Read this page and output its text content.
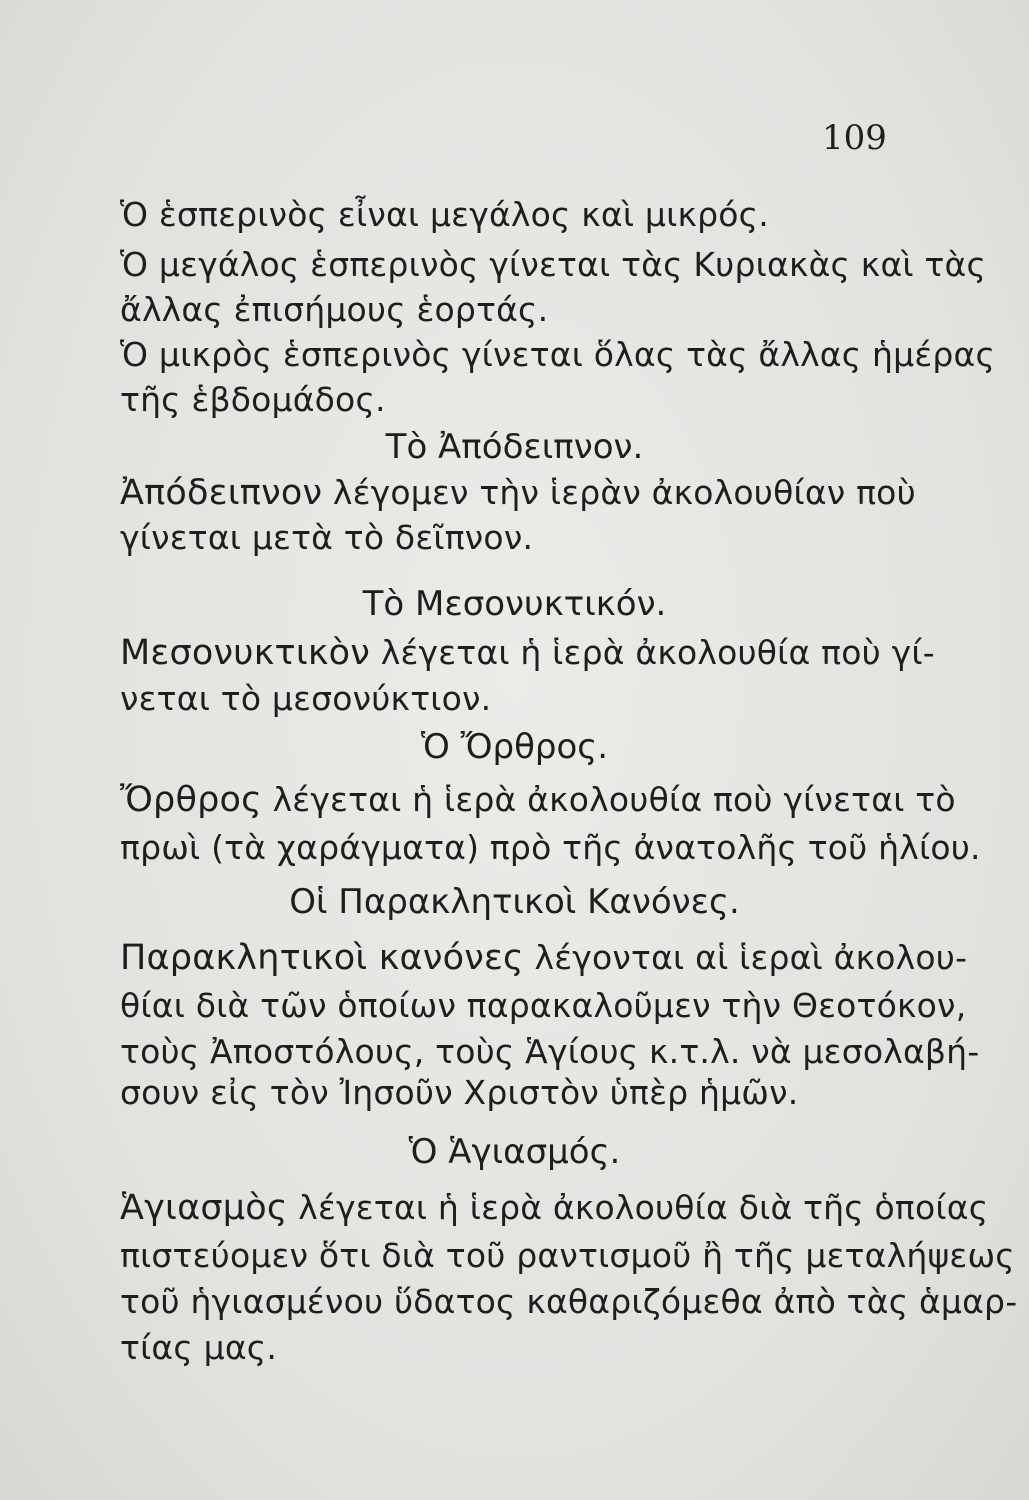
109
Ὁ ἑσπερινὸς εἶναι μεγάλος καὶ μικρός.
Ὁ μεγάλος ἑσπερινὸς γίνεται τὰς Κυριακὰς καὶ τὰς
ἄλλας ἐπισήμους ἑορτάς.
Ὁ μικρὸς ἑσπερινὸς γίνεται ὅλας τὰς ἄλλας ἡμέρας
τῆς ἑβδομάδος.
Τὸ Ἀπόδειπνον.
Ἀπόδειπνον λέγομεν τὴν ἱερὰν ἀκολουθίαν ποὺ
γίνεται μετὰ τὸ δεῖπνον.
Τὸ Μεσονυκτικόν.
Μεσονυκτικὸν λέγεται ἡ ἱερὰ ἀκολουθία ποὺ γί-
νεται τὸ μεσονύκτιον.
Ὁ Ὄρθρος.
Ὄρθρος λέγεται ἡ ἱερὰ ἀκολουθία ποὺ γίνεται τὸ
πρωὶ (τὰ χαράγματα) πρὸ τῆς ἀνατολῆς τοῦ ἡλίου.
Οἱ Παρακλητικοὶ Κανόνες.
Παρακλητικοὶ κανόνες λέγονται αἱ ἱεραὶ ἀκολου-
θίαι διὰ τῶν ὁποίων παρακαλοῦμεν τὴν Θεοτόκον,
τοὺς Ἀποστόλους, τοὺς Ἁγίους κ.τ.λ. νὰ μεσολαβή-
σουν εἰς τὸν Ἰησοῦν Χριστὸν ὑπὲρ ἡμῶν.
Ὁ Ἁγιασμός.
Ἁγιασμὸς λέγεται ἡ ἱερὰ ἀκολουθία διὰ τῆς ὁποίας
πιστεύομεν ὅτι διὰ τοῦ ραντισμοῦ ἢ τῆς μεταλήψεως
τοῦ ἡγιασμένου ὕδατος καθαριζόμεθα ἀπὸ τὰς ἁμαρ-
τίας μας.
